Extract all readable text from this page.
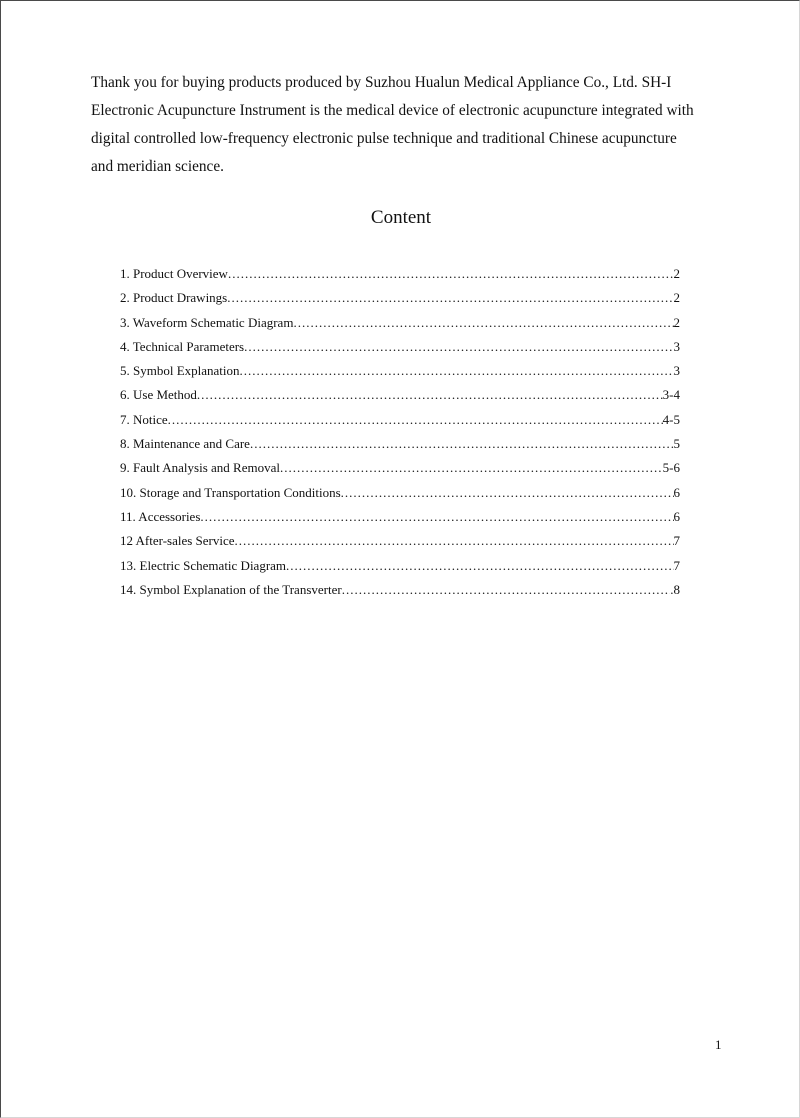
Thank you for buying products produced by Suzhou Hualun Medical Appliance Co., Ltd. SH-I
Electronic Acupuncture Instrument is the medical device of electronic acupuncture integrated with
digital controlled low-frequency electronic pulse technique and traditional Chinese acupuncture
and meridian science.

Content
1. Product Overview .....	2
2. Product Drawings .....	2
3. Waveform Schematic Diagram .....	2
4. Technical Parameters .....	3
5. Symbol Explanation .....	3
6. Use Method .....	3-4
7. Notice .....	4-5
8. Maintenance and Care .....	5
9. Fault Analysis and Removal .....	5-6
10. Storage and Transportation Conditions .....	6
11. Accessories .....	6
12 After-sales Service .....	7
13. Electric Schematic Diagram .....	7
14. Symbol Explanation of the Transverter .....	.8
1
